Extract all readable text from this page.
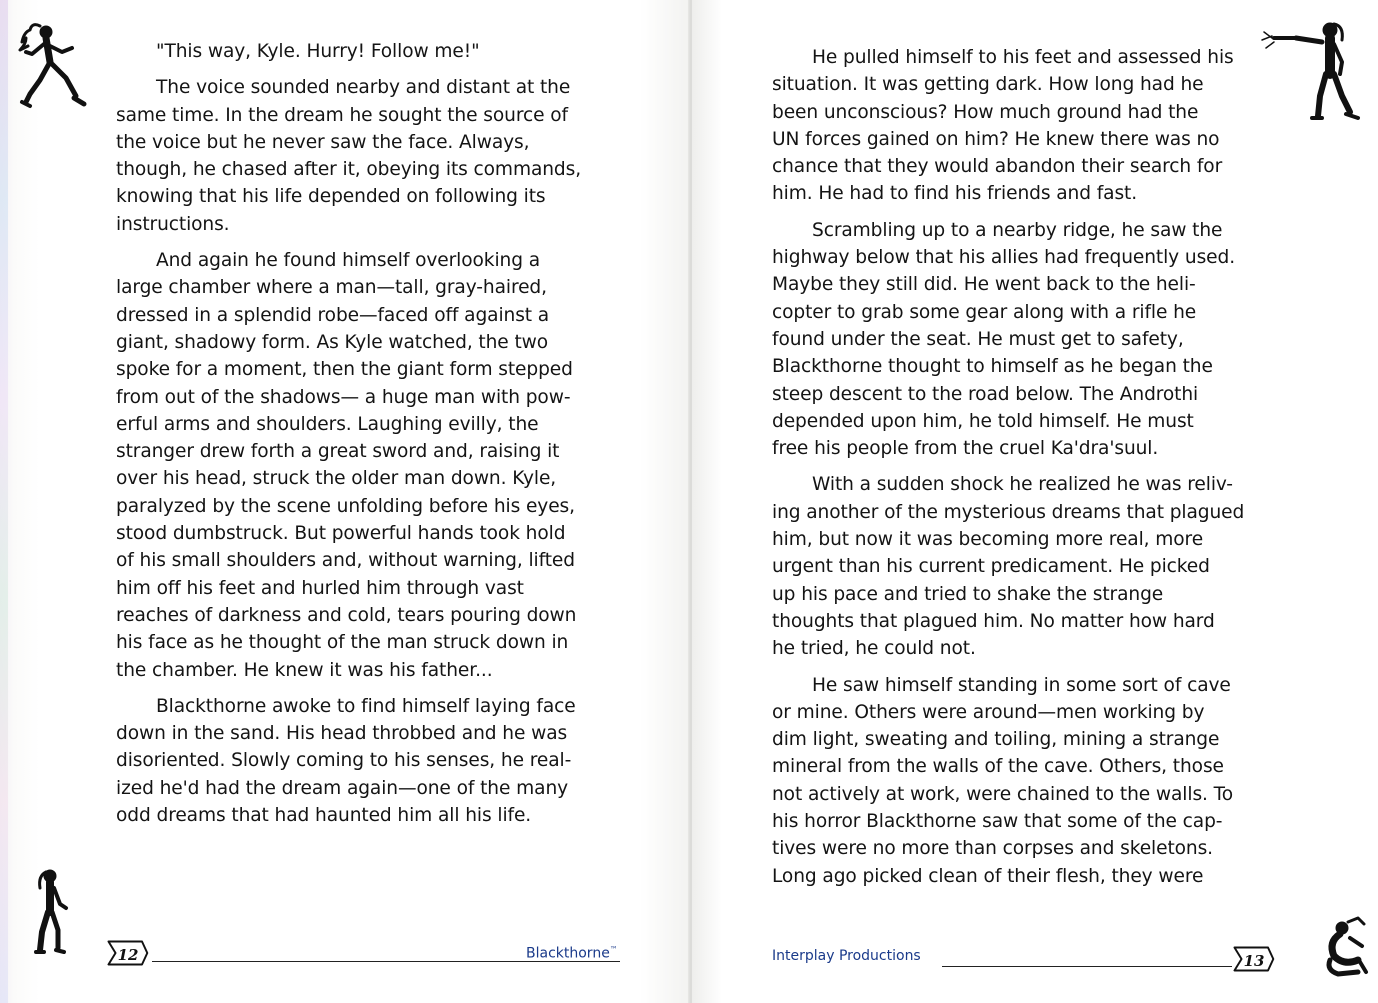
"This way, Kyle. Hurry! Follow me!"

The voice sounded nearby and distant at the
same time. In the dream he sought the source of
the voice but he never saw the face. Always,
though, he chased after it, obeying its commands,
knowing that his life depended on following its
instructions.

And again he found himself overlooking a
large chamber where a man—tall, gray-haired,
dressed in a splendid robe—faced off against a
giant, shadowy form. As Kyle watched, the two
spoke for a moment, then the giant form stepped
from out of the shadows— a huge man with pow-
erful arms and shoulders. Laughing evilly, the
stranger drew forth a great sword and, raising it
over his head, struck the older man down. Kyle,
paralyzed by the scene unfolding before his eyes,
stood dumbstruck. But powerful hands took hold
of his small shoulders and, without warning, lifted
him off his feet and hurled him through vast
reaches of darkness and cold, tears pouring down
his face as he thought of the man struck down in
the chamber. He knew it was his father...

Blackthorne awoke to find himself laying face
down in the sand. His head throbbed and he was
disoriented. Slowly coming to his senses, he real-
ized he'd had the dream again—one of the many
odd dreams that had haunted him all his life.

12	Blackthorne™

He pulled himself to his feet and assessed his
situation. It was getting dark. How long had he
been unconscious? How much ground had the
UN forces gained on him? He knew there was no
chance that they would abandon their search for
him. He had to find his friends and fast.

Scrambling up to a nearby ridge, he saw the
highway below that his allies had frequently used.
Maybe they still did. He went back to the heli-
copter to grab some gear along with a rifle he
found under the seat. He must get to safety,
Blackthorne thought to himself as he began the
steep descent to the road below. The Androthi
depended upon him, he told himself. He must
free his people from the cruel Ka'dra'suul.

With a sudden shock he realized he was reliv-
ing another of the mysterious dreams that plagued
him, but now it was becoming more real, more
urgent than his current predicament. He picked
up his pace and tried to shake the strange
thoughts that plagued him. No matter how hard
he tried, he could not.

He saw himself standing in some sort of cave
or mine. Others were around—men working by
dim light, sweating and toiling, mining a strange
mineral from the walls of the cave. Others, those
not actively at work, were chained to the walls. To
his horror Blackthorne saw that some of the cap-
tives were no more than corpses and skeletons.
Long ago picked clean of their flesh, they were

Interplay Productions	13
